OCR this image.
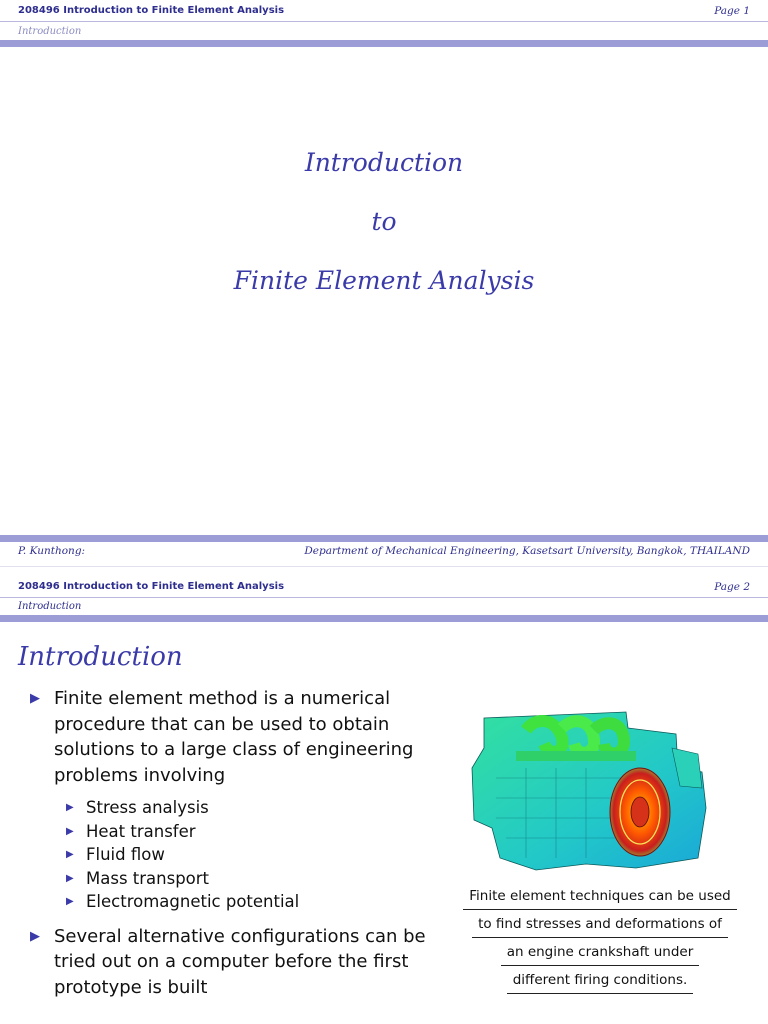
208496 Introduction to Finite Element Analysis	Page 1
Introduction
Introduction
to
Finite Element Analysis
P. Kunthong:	Department of Mechanical Engineering, Kasetsart University, Bangkok, THAILAND
208496 Introduction to Finite Element Analysis	Page 2
Introduction
Introduction
▶ Finite element method is a numerical procedure that can be used to obtain solutions to a large class of engineering problems involving
▶ Stress analysis
▶ Heat transfer
▶ Fluid flow
▶ Mass transport
▶ Electromagnetic potential
▶ Several alternative configurations can be tried out on a computer before the first prototype is built
Finite element techniques can be used
to find stresses and deformations of
an engine crankshaft under
different firing conditions.
